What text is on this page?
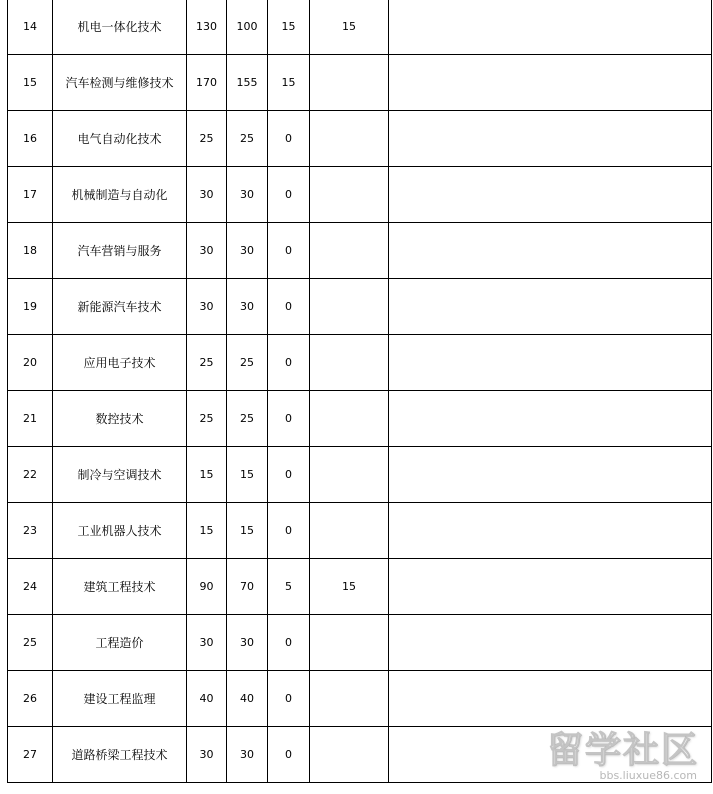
14	机电一体化技术	130	100	15	15	
15	汽车检测与维修技术	170	155	15		
16	电气自动化技术	25	25	0		
17	机械制造与自动化	30	30	0		
18	汽车营销与服务	30	30	0		
19	新能源汽车技术	30	30	0		
20	应用电子技术	25	25	0		
21	数控技术	25	25	0		
22	制冷与空调技术	15	15	0		
23	工业机器人技术	15	15	0		
24	建筑工程技术	90	70	5	15	
25	工程造价	30	30	0		
26	建设工程监理	40	40	0		
27	道路桥梁工程技术	30	30	0			留学社区
bbs.liuxue86.com
